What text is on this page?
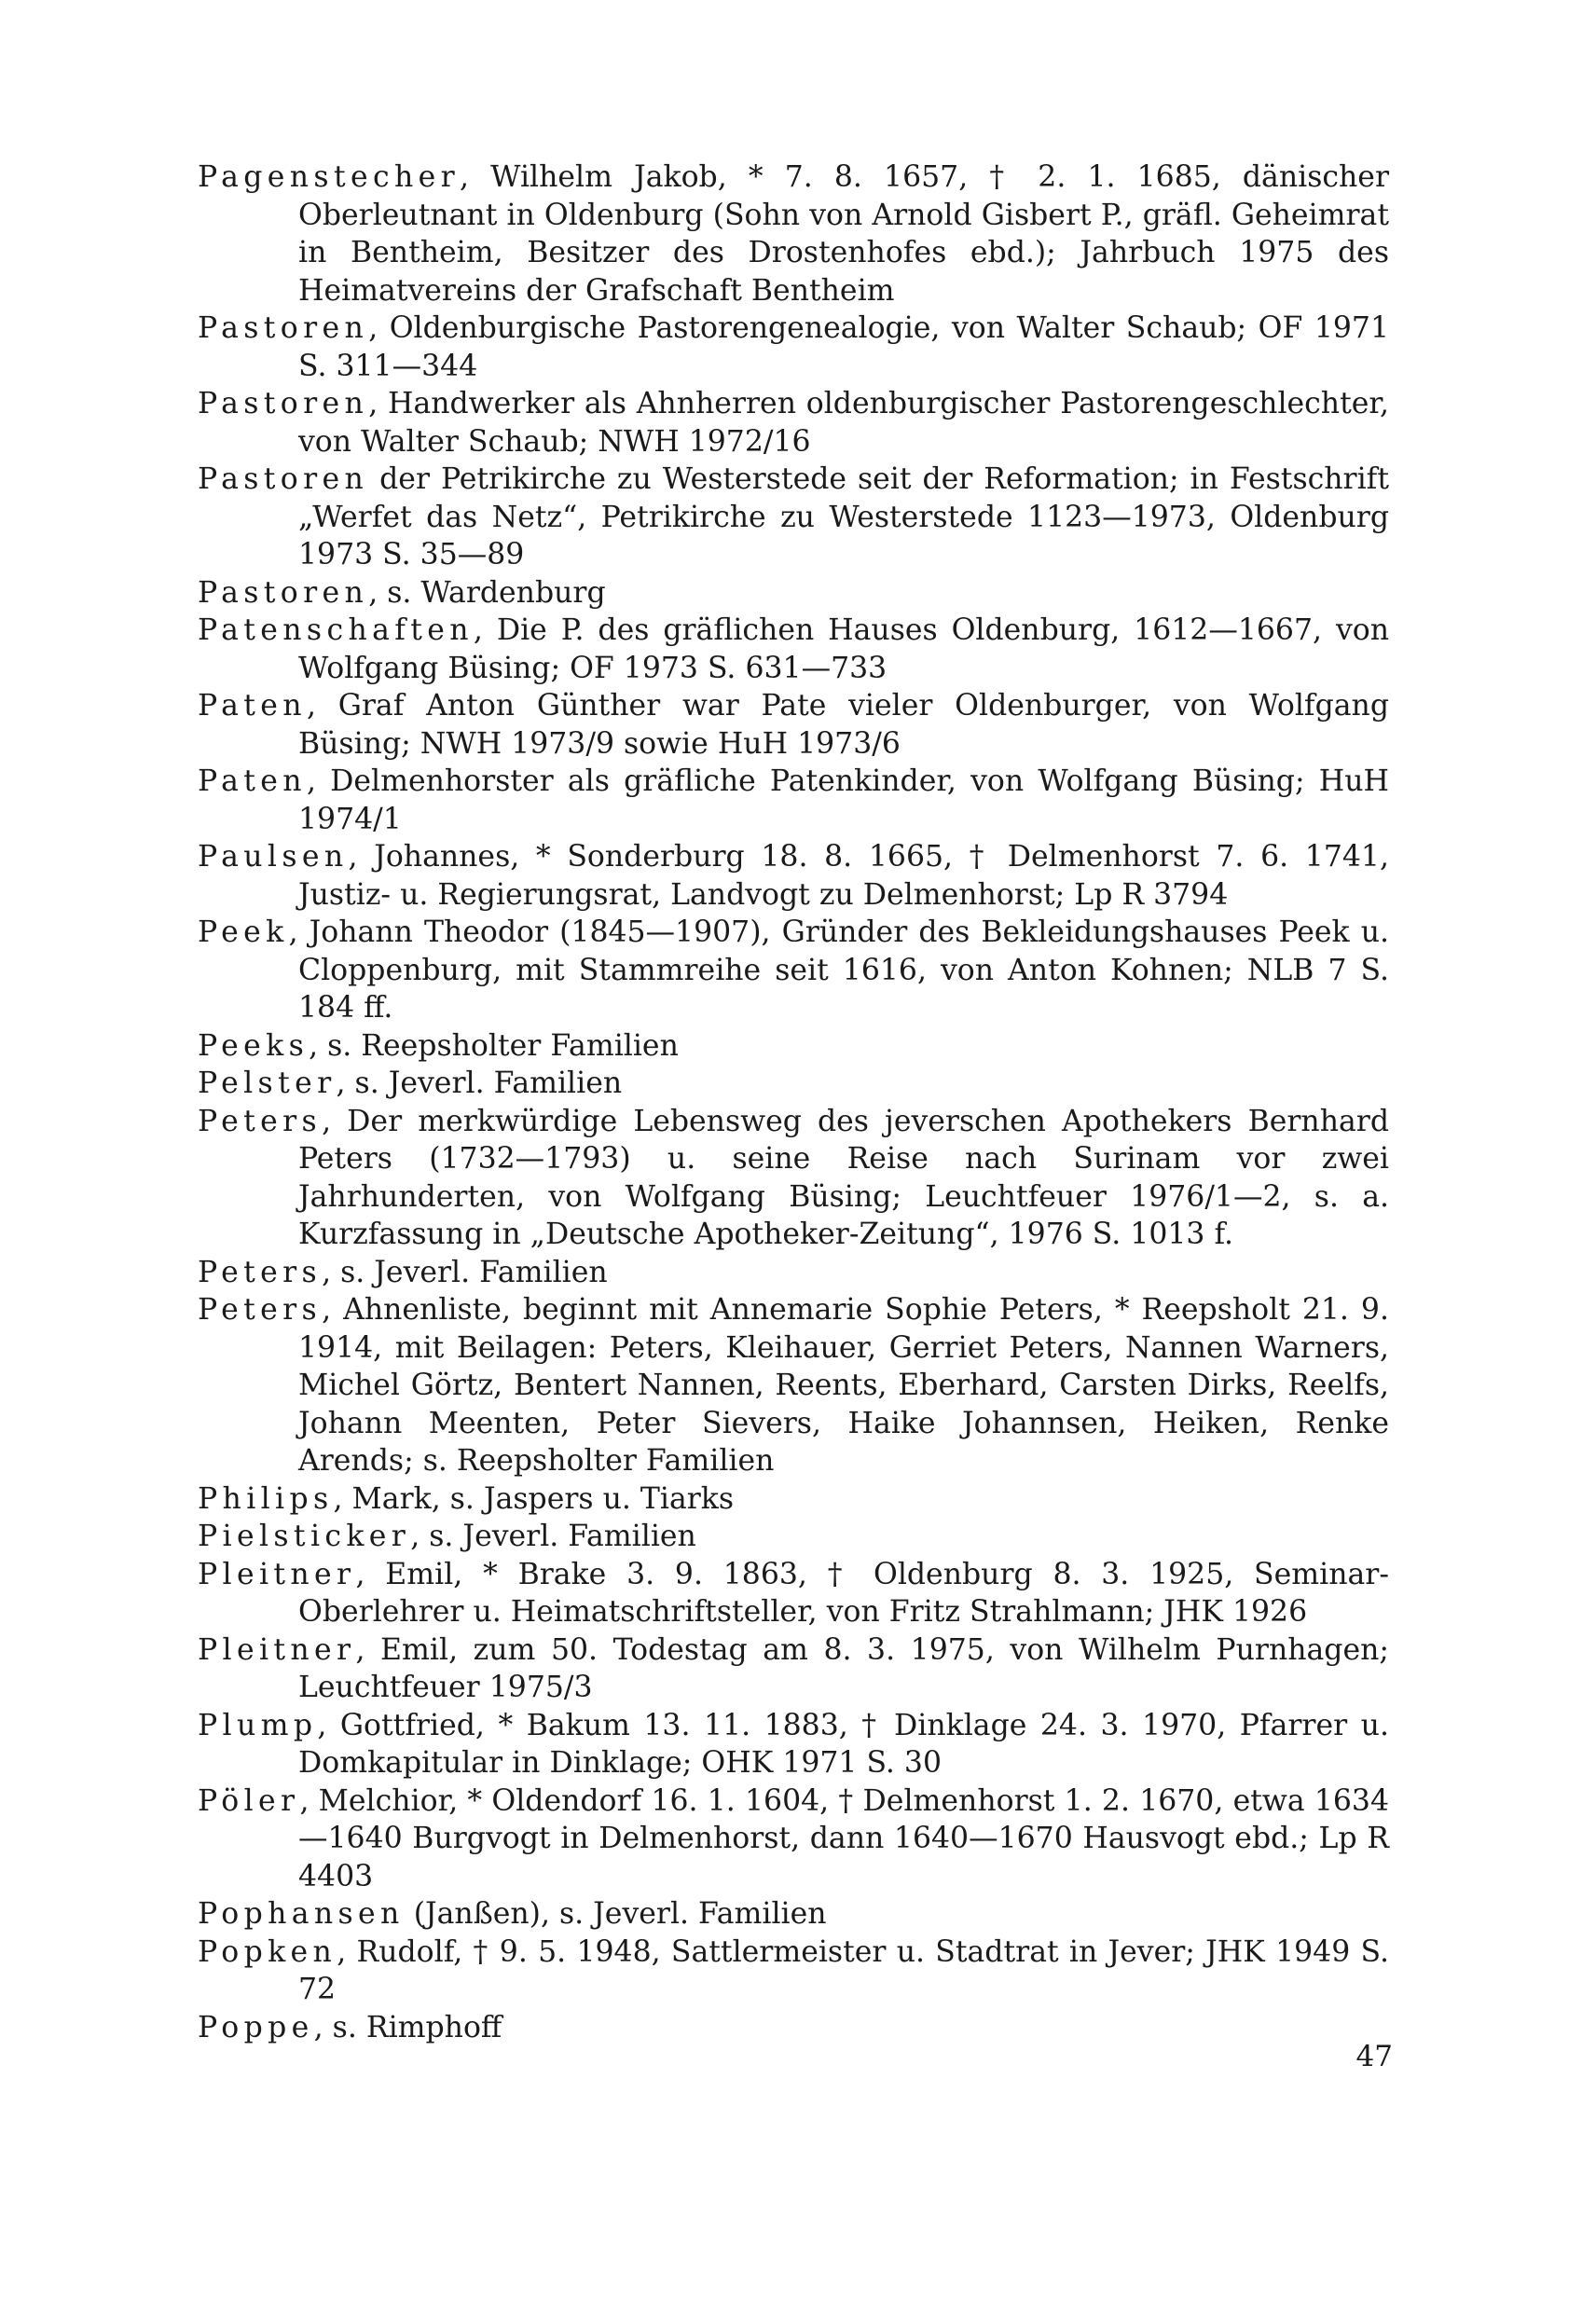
Pagenstecher, Wilhelm Jakob, * 7. 8. 1657, † 2. 1. 1685, dänischer Oberleutnant in Oldenburg (Sohn von Arnold Gisbert P., gräfl. Geheimrat in Bentheim, Besitzer des Drostenhofes ebd.); Jahrbuch 1975 des Heimatvereins der Grafschaft Bentheim

Pastoren, Oldenburgische Pastorengenealogie, von Walter Schaub; OF 1971 S. 311—344

Pastoren, Handwerker als Ahnherren oldenburgischer Pastorengeschlechter, von Walter Schaub; NWH 1972/16

Pastoren der Petrikirche zu Westerstede seit der Reformation; in Festschrift „Werfet das Netz“, Petrikirche zu Westerstede 1123—1973, Oldenburg 1973 S. 35—89

Pastoren, s. Wardenburg

Patenschaften, Die P. des gräflichen Hauses Oldenburg, 1612—1667, von Wolfgang Büsing; OF 1973 S. 631—733

Paten, Graf Anton Günther war Pate vieler Oldenburger, von Wolfgang Büsing; NWH 1973/9 sowie HuH 1973/6

Paten, Delmenhorster als gräfliche Patenkinder, von Wolfgang Büsing; HuH 1974/1

Paulsen, Johannes, * Sonderburg 18. 8. 1665, † Delmenhorst 7. 6. 1741, Justiz- u. Regierungsrat, Landvogt zu Delmenhorst; Lp R 3794

Peek, Johann Theodor (1845—1907), Gründer des Bekleidungshauses Peek u. Cloppenburg, mit Stammreihe seit 1616, von Anton Kohnen; NLB 7 S. 184 ff.

Peeks, s. Reepsholter Familien

Pelster, s. Jeverl. Familien

Peters, Der merkwürdige Lebensweg des jeverschen Apothekers Bernhard Peters (1732—1793) u. seine Reise nach Surinam vor zwei Jahrhunderten, von Wolfgang Büsing; Leuchtfeuer 1976/1—2, s. a. Kurzfassung in „Deutsche Apotheker-Zeitung“, 1976 S. 1013 f.

Peters, s. Jeverl. Familien

Peters, Ahnenliste, beginnt mit Annemarie Sophie Peters, * Reepsholt 21. 9. 1914, mit Beilagen: Peters, Kleihauer, Gerriet Peters, Nannen Warners, Michel Görtz, Bentert Nannen, Reents, Eberhard, Carsten Dirks, Reelfs, Johann Meenten, Peter Sievers, Haike Johannsen, Heiken, Renke Arends; s. Reepsholter Familien

Philips, Mark, s. Jaspers u. Tiarks

Pielsticker, s. Jeverl. Familien

Pleitner, Emil, * Brake 3. 9. 1863, † Oldenburg 8. 3. 1925, Seminar-Oberlehrer u. Heimatschriftsteller, von Fritz Strahlmann; JHK 1926

Pleitner, Emil, zum 50. Todestag am 8. 3. 1975, von Wilhelm Purnhagen; Leuchtfeuer 1975/3

Plump, Gottfried, * Bakum 13. 11. 1883, † Dinklage 24. 3. 1970, Pfarrer u. Domkapitular in Dinklage; OHK 1971 S. 30

Pöler, Melchior, * Oldendorf 16. 1. 1604, † Delmenhorst 1. 2. 1670, etwa 1634—1640 Burgvogt in Delmenhorst, dann 1640—1670 Hausvogt ebd.; Lp R 4403

Pophansen (Janßen), s. Jeverl. Familien

Popken, Rudolf, † 9. 5. 1948, Sattlermeister u. Stadtrat in Jever; JHK 1949 S. 72

Poppe, s. Rimphoff

47
